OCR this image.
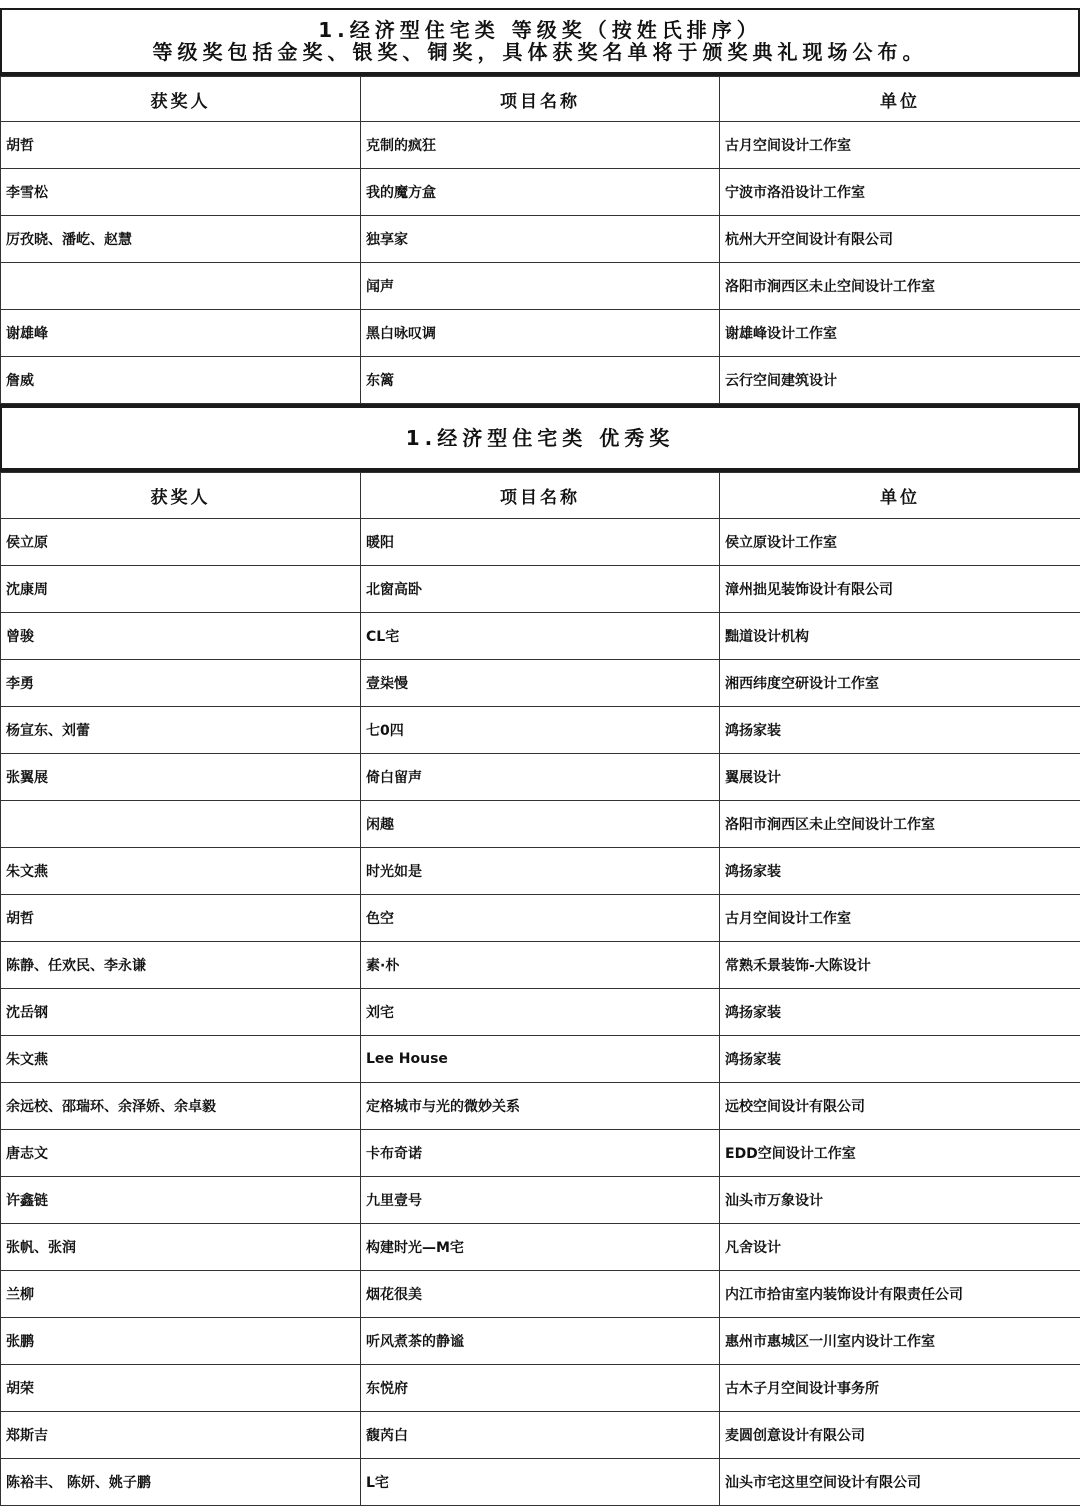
1.经济型住宅类 等级奖（按姓氏排序）
等级奖包括金奖、银奖、铜奖，具体获奖名单将于颁奖典礼现场公布。
获奖人	项目名称	单位
胡哲	克制的疯狂	古月空间设计工作室
李雪松	我的魔方盒	宁波市洛沿设计工作室
厉孜晓、潘屹、赵慧	独享家	杭州大开空间设计有限公司
	闻声	洛阳市涧西区未止空间设计工作室
谢雄峰	黑白咏叹调	谢雄峰设计工作室
詹威	东篱	云行空间建筑设计
1.经济型住宅类 优秀奖
获奖人	项目名称	单位
侯立原	暖阳	侯立原设计工作室
沈康周	北窗高卧	漳州拙见装饰设计有限公司
曾骏	CL宅	黜道设计机构
李勇	壹柒慢	湘西纬度空研设计工作室
杨宣东、刘蕾	七0四	鸿扬家装
张翼展	倚白留声	翼展设计
	闲趣	洛阳市涧西区未止空间设计工作室
朱文燕	时光如是	鸿扬家装
胡哲	色空	古月空间设计工作室
陈静、任欢民、李永谦	素·朴	常熟禾景装饰-大陈设计
沈岳钢	刘宅	鸿扬家装
朱文燕	Lee House	鸿扬家装
余远校、邵瑞环、余泽娇、余卓毅	定格城市与光的微妙关系	远校空间设计有限公司
唐志文	卡布奇诺	EDD空间设计工作室
许鑫链	九里壹号	汕头市万象设计
张帆、张润	构建时光—M宅	凡舍设计
兰柳	烟花很美	内江市拾宙室内装饰设计有限责任公司
张鹏	听风煮茶的静谧	惠州市惠城区一川室内设计工作室
胡荣	东悦府	古木子月空间设计事务所
郑斯吉	馥芮白	麦圆创意设计有限公司
陈裕丰、 陈妍、姚子鹏	L宅	汕头市宅这里空间设计有限公司
